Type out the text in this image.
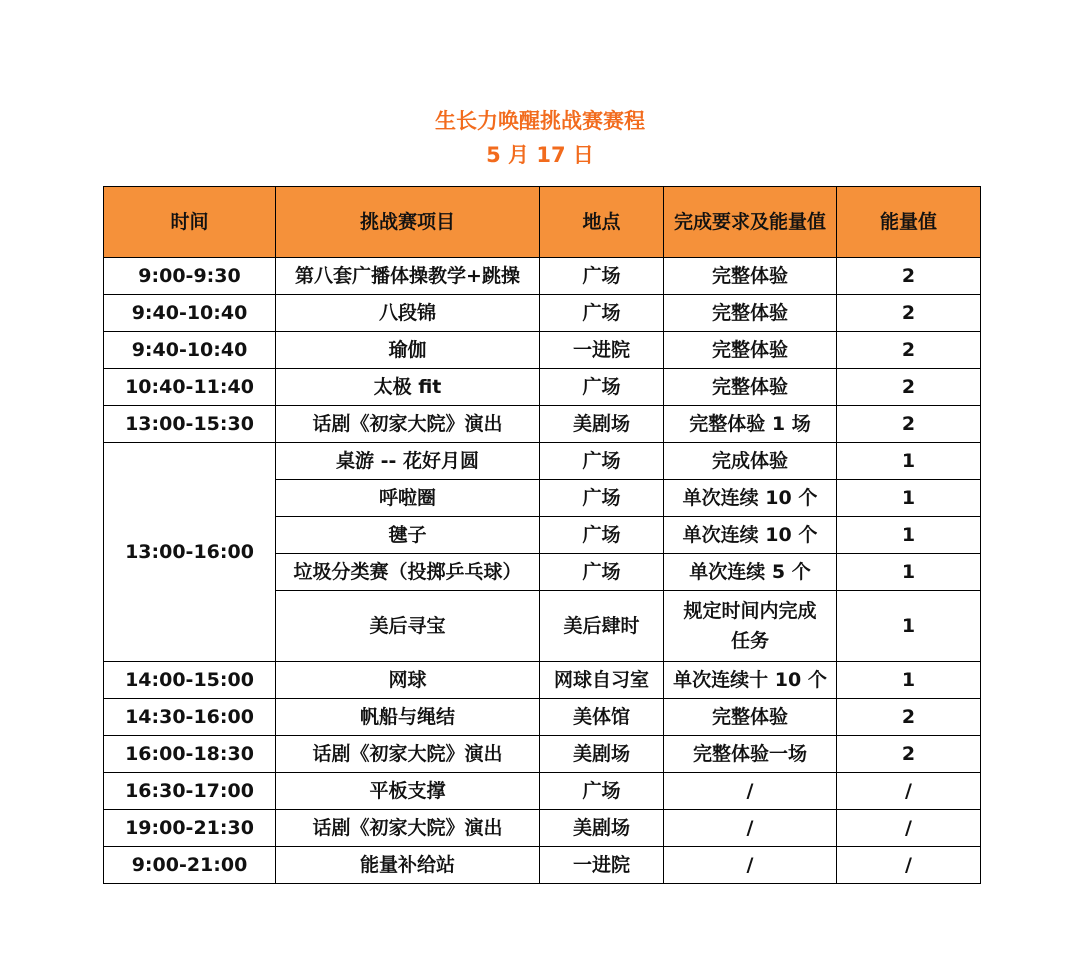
生长力唤醒挑战赛赛程
5 月 17 日
时间	挑战赛项目	地点	完成要求及能量值	能量值
9:00-9:30	第八套广播体操教学+跳操	广场	完整体验	2
9:40-10:40	八段锦	广场	完整体验	2
9:40-10:40	瑜伽	一进院	完整体验	2
10:40-11:40	太极 fit	广场	完整体验	2
13:00-15:30	话剧《初家大院》演出	美剧场	完整体验 1 场	2
13:00-16:00	桌游 -- 花好月圆	广场	完成体验	1
	呼啦圈	广场	单次连续 10 个	1
	毽子	广场	单次连续 10 个	1
	垃圾分类赛（投掷乒乓球）	广场	单次连续 5 个	1
	美后寻宝	美后肆时	规定时间内完成任务	1
14:00-15:00	网球	网球自习室	单次连续十 10 个	1
14:30-16:00	帆船与绳结	美体馆	完整体验	2
16:00-18:30	话剧《初家大院》演出	美剧场	完整体验一场	2
16:30-17:00	平板支撑	广场	/	/
19:00-21:30	话剧《初家大院》演出	美剧场	/	/
9:00-21:00	能量补给站	一进院	/	/
